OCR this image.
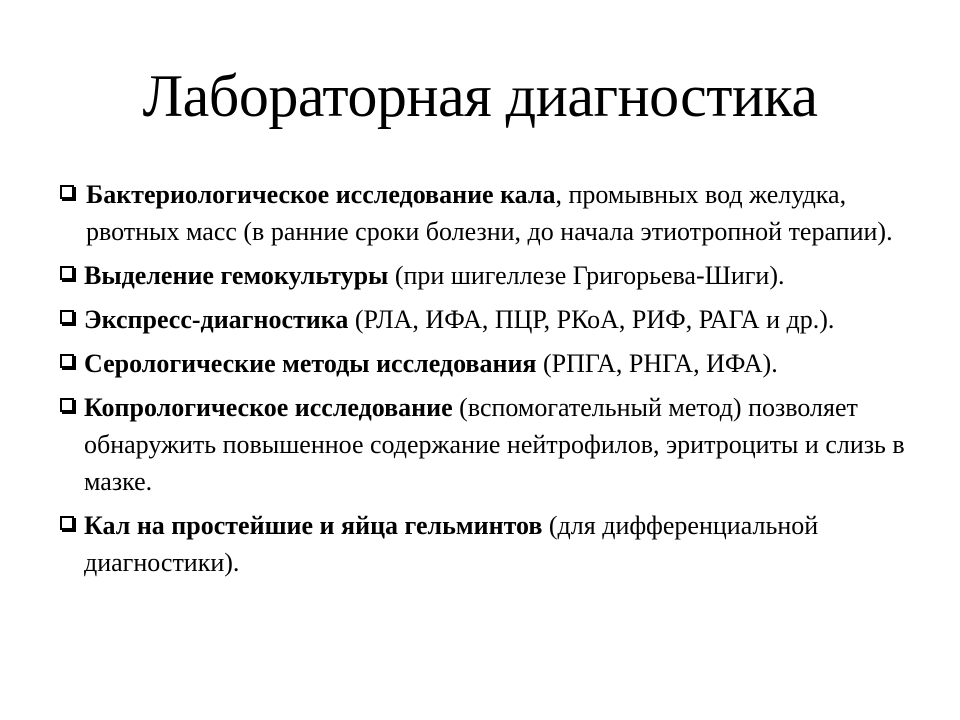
Лабораторная диагностика
Бактериологическое исследование кала, промывных вод желудка, рвотных масс (в ранние сроки болезни, до начала этиотропной терапии).
Выделение гемокультуры (при шигеллезе Григорьева-Шиги).
Экспресс-диагностика (РЛА, ИФА, ПЦР, РКоА, РИФ, РАГА и др.).
Серологические методы исследования (РПГА, РНГА, ИФА).
Копрологическое исследование (вспомогательный метод) позволяет обнаружить повышенное содержание нейтрофилов, эритроциты и слизь в мазке.
Кал на простейшие и яйца гельминтов (для дифференциальной диагностики).
